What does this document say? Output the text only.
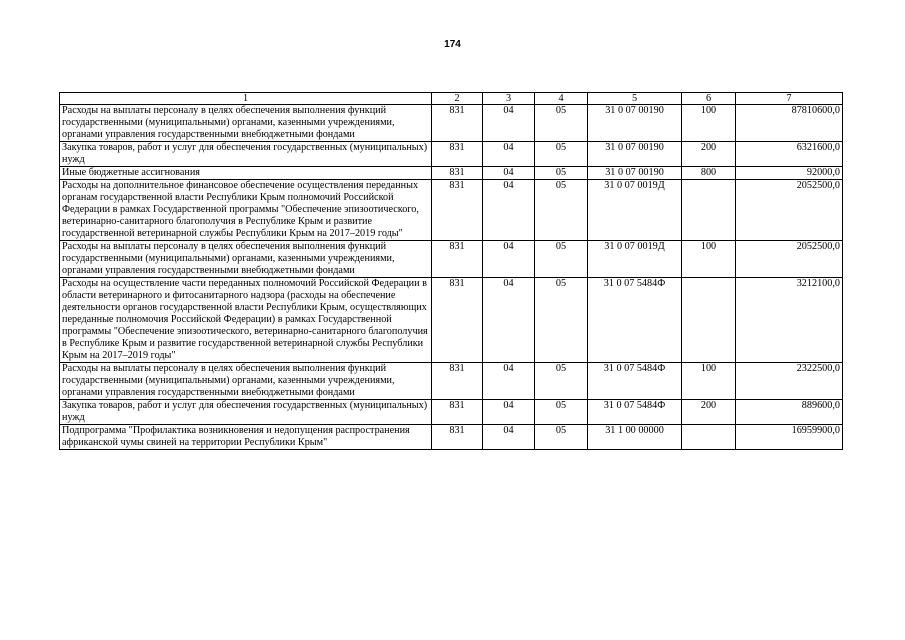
174
1	2	3	4	5	6	7
Расходы на выплаты персоналу в целях обеспечения выполнения функций государственными (муниципальными) органами, казенными учреждениями, органами управления государственными внебюджетными фондами	831	04	05	31 0 07 00190	100	87810600,0
Закупка товаров, работ и услуг для обеспечения государственных (муниципальных) нужд	831	04	05	31 0 07 00190	200	6321600,0
Иные бюджетные ассигнования	831	04	05	31 0 07 00190	800	92000,0
Расходы на дополнительное финансовое обеспечение осуществления переданных органам государственной власти Республики Крым полномочий Российской Федерации в рамках Государственной программы "Обеспечение эпизоотического, ветеринарно-санитарного благополучия в Республике Крым и развитие государственной ветеринарной службы Республики Крым на 2017–2019 годы"	831	04	05	31 0 07 0019Д		2052500,0
Расходы на выплаты персоналу в целях обеспечения выполнения функций государственными (муниципальными) органами, казенными учреждениями, органами управления государственными внебюджетными фондами	831	04	05	31 0 07 0019Д	100	2052500,0
Расходы на осуществление части переданных полномочий Российской Федерации в области ветеринарного и фитосанитарного надзора (расходы на обеспечение деятельности органов государственной власти Республики Крым, осуществляющих переданные полномочия Российской Федерации) в рамках Государственной программы "Обеспечение эпизоотического, ветеринарно-санитарного благополучия в Республике Крым и развитие государственной ветеринарной службы Республики Крым на 2017–2019 годы"	831	04	05	31 0 07 5484Ф		3212100,0
Расходы на выплаты персоналу в целях обеспечения выполнения функций государственными (муниципальными) органами, казенными учреждениями, органами управления государственными внебюджетными фондами	831	04	05	31 0 07 5484Ф	100	2322500,0
Закупка товаров, работ и услуг для обеспечения государственных (муниципальных) нужд	831	04	05	31 0 07 5484Ф	200	889600,0
Подпрограмма "Профилактика возникновения и недопущения распространения африканской чумы свиней на территории Республики Крым"	831	04	05	31 1 00 00000		16959900,0
